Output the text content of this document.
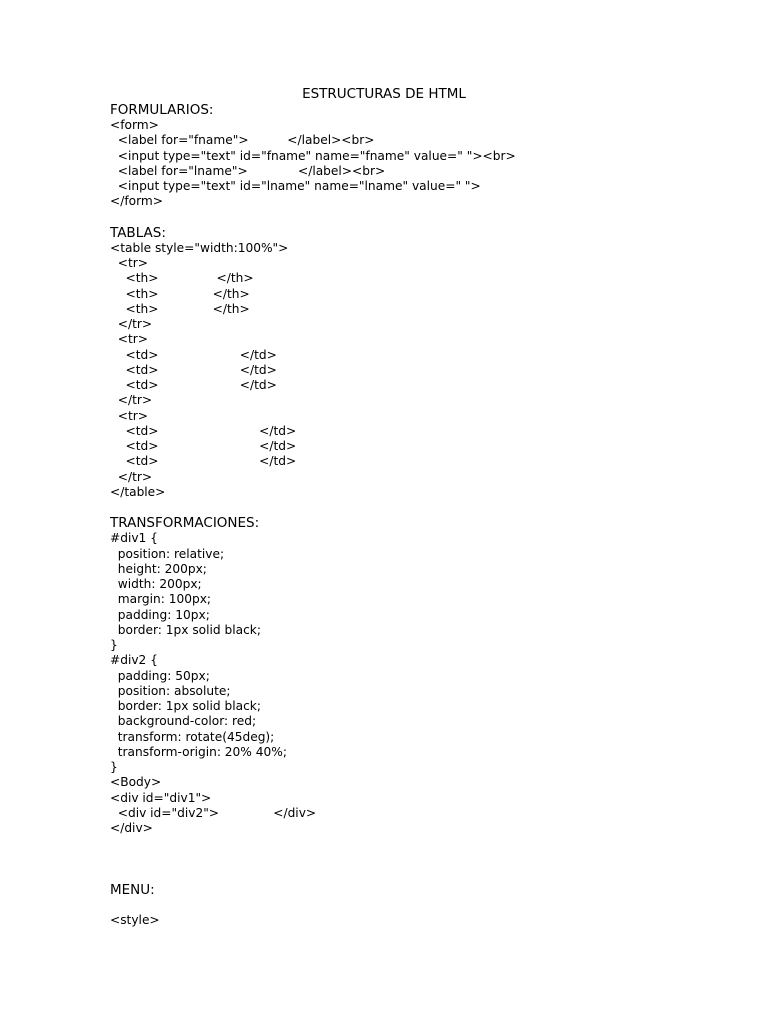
ESTRUCTURAS DE HTML
FORMULARIOS:
<form>
<label for="fname">          </label><br>
<input type="text" id="fname" name="fname" value=" "><br>
<label for="lname">             </label><br>
<input type="text" id="lname" name="lname" value=" ">
</form>
TABLAS:
<table style="width:100%">
<tr>
<th>               </th>
<th>              </th>
<th>              </th>
</tr>
<tr>
<td>                     </td>
<td>                     </td>
<td>                     </td>
</tr>
<tr>
<td>                          </td>
<td>                          </td>
<td>                          </td>
</tr>
</table>
TRANSFORMACIONES:
#div1 {
position: relative;
height: 200px;
width: 200px;
margin: 100px;
padding: 10px;
border: 1px solid black;
}
#div2 {
padding: 50px;
position: absolute;
border: 1px solid black;
background-color: red;
transform: rotate(45deg);
transform-origin: 20% 40%;
}
<Body>
<div id="div1">
<div id="div2">              </div>
</div>
MENU:
<style>
